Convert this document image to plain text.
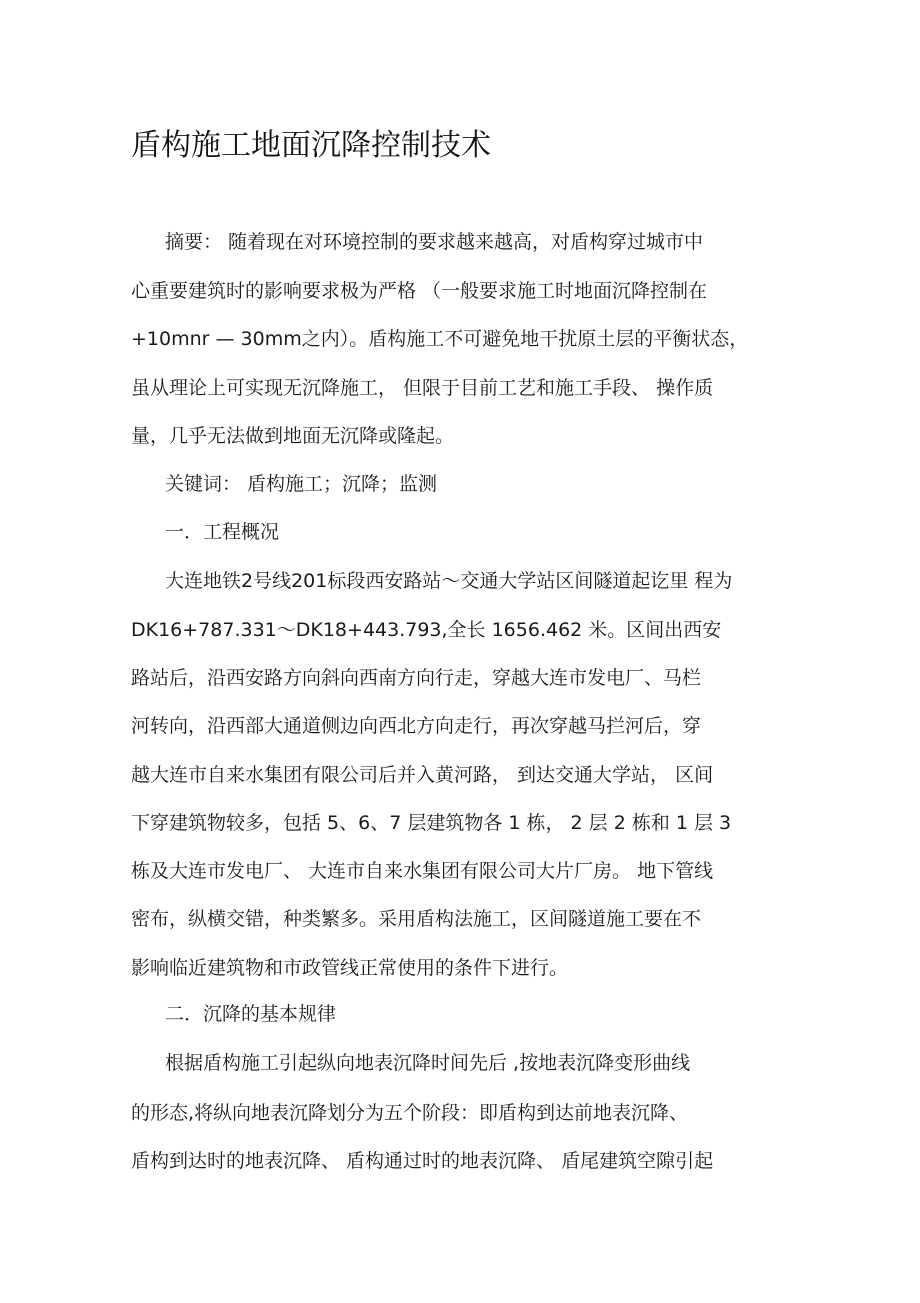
盾构施工地面沉降控制技术
摘要： 随着现在对环境控制的要求越来越高，对盾构穿过城市中
心重要建筑时的影响要求极为严格 （一般要求施工时地面沉降控制在
+10mnr — 30mm之内）。盾构施工不可避免地干扰原土层的平衡状态，
虽从理论上可实现无沉降施工， 但限于目前工艺和施工手段、 操作质
量，几乎无法做到地面无沉降或隆起。
关键词： 盾构施工；沉降；监测
一．工程概况
大连地铁2号线201标段西安路站〜交通大学站区间隧道起讫里 程为
DK16+787.331〜DK18+443.793,全长 1656.462 米。区间出西安
路站后，沿西安路方向斜向西南方向行走，穿越大连市发电厂、马栏
河转向，沿西部大通道侧边向西北方向走行，再次穿越马拦河后，穿
越大连市自来水集团有限公司后并入黄河路， 到达交通大学站， 区间
下穿建筑物较多，包括 5、6、7 层建筑物各 1 栋， 2 层 2 栋和 1 层 3
栋及大连市发电厂、 大连市自来水集团有限公司大片厂房。 地下管线
密布，纵横交错，种类繁多。采用盾构法施工，区间隧道施工要在不
影响临近建筑物和市政管线正常使用的条件下进行。
二．沉降的基本规律
根据盾构施工引起纵向地表沉降时间先后 ,按地表沉降变形曲线
的形态,将纵向地表沉降划分为五个阶段：即盾构到达前地表沉降、
盾构到达时的地表沉降、 盾构通过时的地表沉降、 盾尾建筑空隙引起
